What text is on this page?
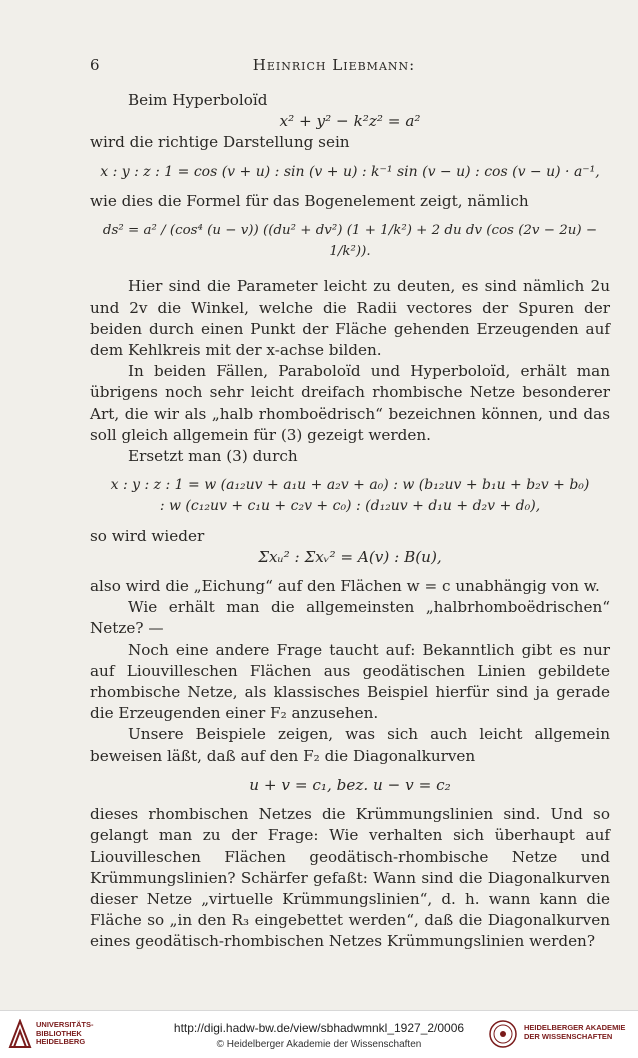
6	Heinrich Liebmann:

Beim Hyperboloïd

x² + y² − k²z² = a²

wird die richtige Darstellung sein

x : y : z : 1 = cos (v + u) : sin (v + u) : k⁻¹ sin (v − u) : cos (v − u) · a⁻¹,

wie dies die Formel für das Bogenelement zeigt, nämlich

ds² = a² / (cos⁴ (u − v)) ((du² + dv²) (1 + 1/k²) + 2 du dv (cos (2v − 2u) − 1/k²)).

Hier sind die Parameter leicht zu deuten, es sind nämlich 2u und 2v die Winkel, welche die Radii vectores der Spuren der beiden durch einen Punkt der Fläche gehenden Erzeugenden auf dem Kehlkreis mit der x-achse bilden.

In beiden Fällen, Paraboloïd und Hyperboloïd, erhält man übrigens noch sehr leicht dreifach rhombische Netze besonderer Art, die wir als „halb rhomboëdrisch“ bezeichnen können, und das soll gleich allgemein für (3) gezeigt werden.

Ersetzt man (3) durch

x : y : z : 1 = w (a₁₂uv + a₁u + a₂v + a₀) : w (b₁₂uv + b₁u + b₂v + b₀)

: w (c₁₂uv + c₁u + c₂v + c₀) : (d₁₂uv + d₁u + d₂v + d₀),

so wird wieder

Σxᵤ² : Σxᵥ² = A(v) : B(u),

also wird die „Eichung“ auf den Flächen w = c unabhängig von w.

Wie erhält man die allgemeinsten „halbrhomboëdrischen“ Netze? —

Noch eine andere Frage taucht auf: Bekanntlich gibt es nur auf Liouvilleschen Flächen aus geodätischen Linien gebildete rhombische Netze, als klassisches Beispiel hierfür sind ja gerade die Erzeugenden einer F₂ anzusehen.

Unsere Beispiele zeigen, was sich auch leicht allgemein beweisen läßt, daß auf den F₂ die Diagonalkurven

u + v = c₁, bez. u − v = c₂

dieses rhombischen Netzes die Krümmungslinien sind. Und so gelangt man zu der Frage: Wie verhalten sich überhaupt auf Liouvilleschen Flächen geodätisch-rhombische Netze und Krümmungslinien? Schärfer gefaßt: Wann sind die Diagonalkurven dieser Netze „virtuelle Krümmungslinien“, d. h. wann kann die Fläche so „in den R₃ eingebettet werden“, daß die Diagonalkurven eines geodätisch-rhombischen Netzes Krümmungslinien werden?

UNIVERSITÄTS-BIBLIOTHEK HEIDELBERG
http://digi.hadw-bw.de/view/sbhadwmnkl_1927_2/0006
© Heidelberger Akademie der Wissenschaften
HEIDELBERGER AKADEMIE DER WISSENSCHAFTEN
